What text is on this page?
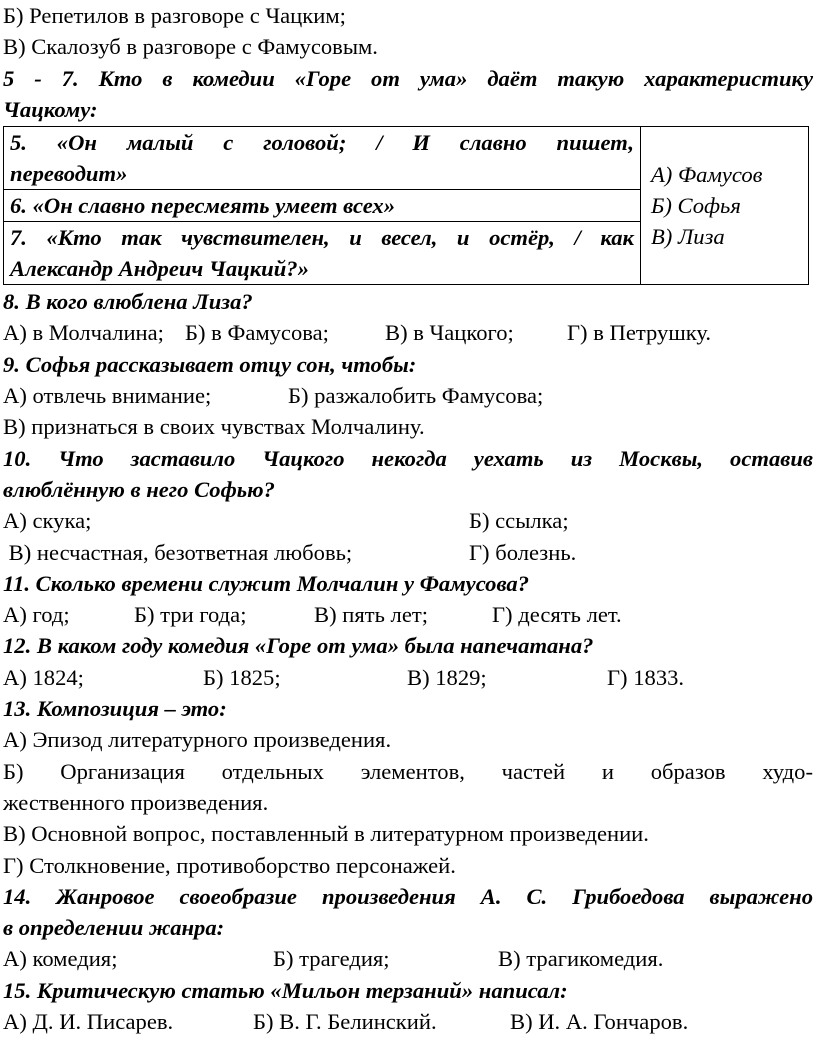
Б) Репетилов в разговоре с Чацким;
В) Скалозуб в разговоре с Фамусовым.
5 - 7. Кто в комедии «Горе от ума» даёт такую характеристику
Чацкому:
5. «Он малый с головой; / И славно пишет,
переводит»	А) Фамусов
Б) Софья
В) Лиза

6. «Он славно пересмеять умеет всех»

7. «Кто так чувствителен, и весел, и остёр, / как
Александр Андреич Чацкий?»
8. В кого влюблена Лиза?
А) в Молчалина; Б) в Фамусова; В) в Чацкого; Г) в Петрушку.
9. Софья рассказывает отцу сон, чтобы:
А) отвлечь внимание;	Б) разжалобить Фамусова;
В) признаться в своих чувствах Молчалину.
10. Что заставило Чацкого некогда уехать из Москвы, оставив
влюблённую в него Софью?
А) скука;	Б) ссылка;
В) несчастная, безответная любовь;	Г) болезнь.
11. Сколько времени служит Молчалин у Фамусова?
А) год;	Б) три года;	В) пять лет;	Г) десять лет.
12. В каком году комедия «Горе от ума» была напечатана?
А) 1824;	Б) 1825;	В) 1829;	Г) 1833.
13. Композиция – это:
А) Эпизод литературного произведения.
Б) Организация отдельных элементов, частей и образов худо-
жественного произведения.
В) Основной вопрос, поставленный в литературном произведении.
Г) Столкновение, противоборство персонажей.
14. Жанровое своеобразие произведения А. С. Грибоедова выражено
в определении жанра:
А) комедия;	Б) трагедия;	В) трагикомедия.
15. Критическую статью «Мильон терзаний» написал:
А) Д. И. Писарев.	Б) В. Г. Белинский.	В) И. А. Гончаров.
